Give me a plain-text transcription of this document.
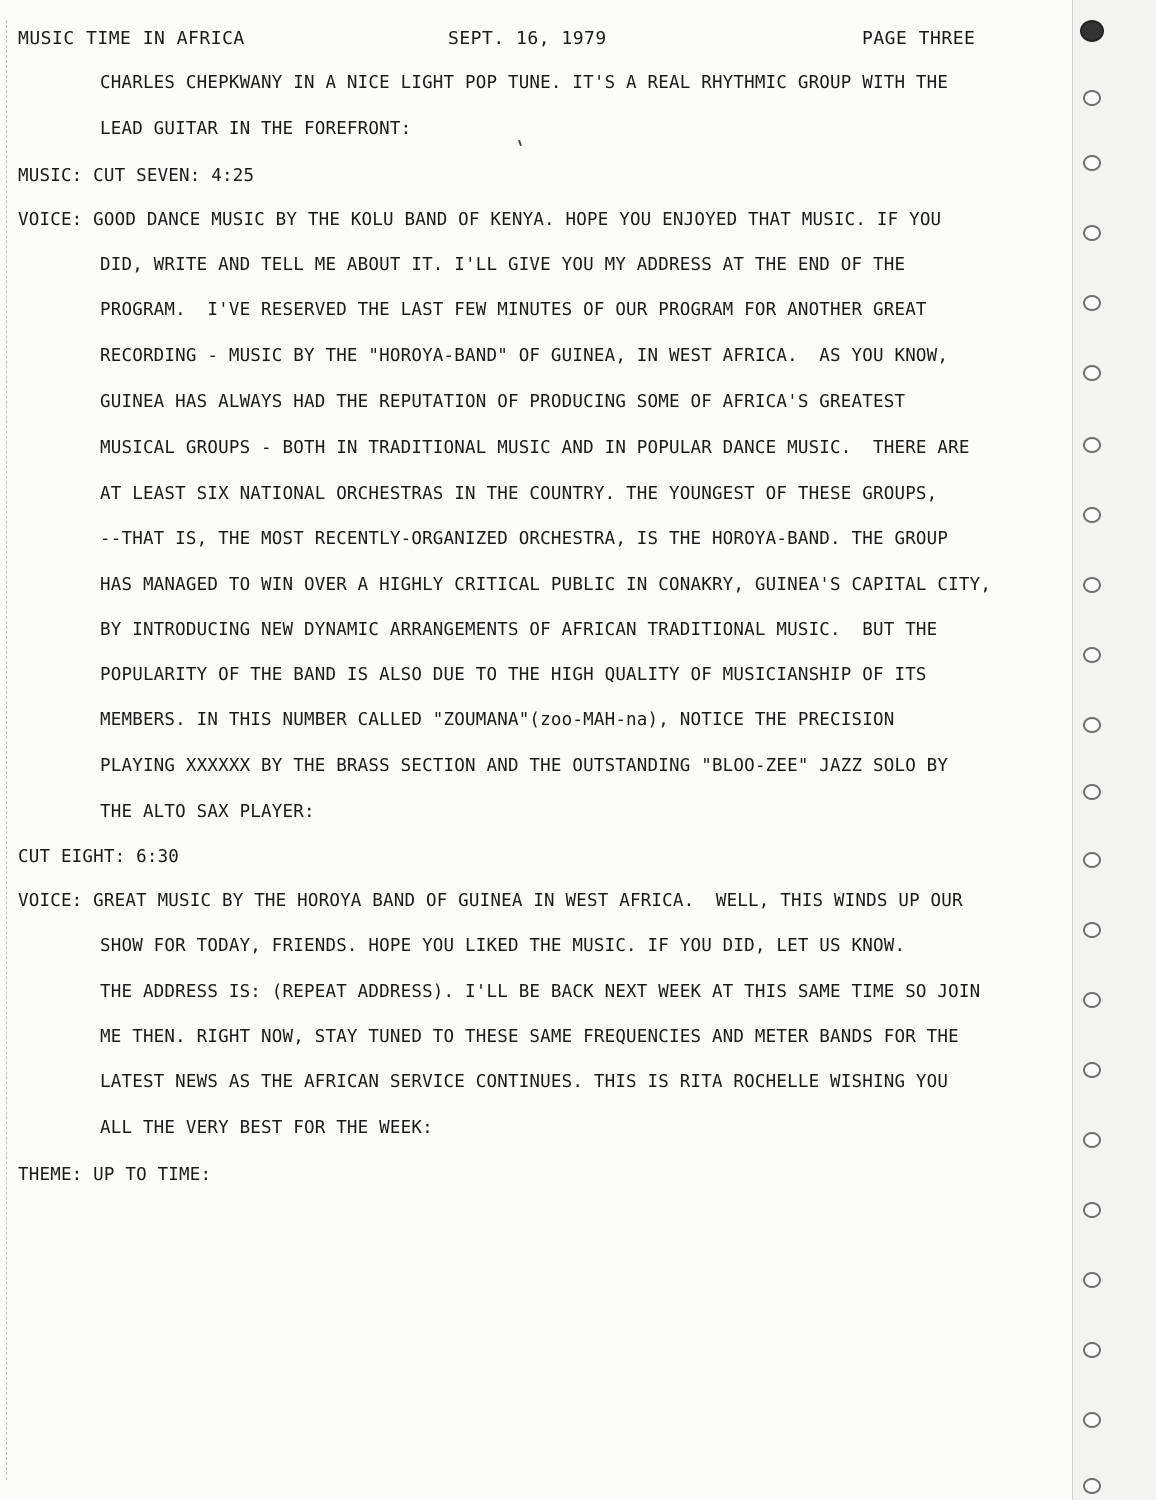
MUSIC TIME IN AFRICA	SEPT. 16, 1979	PAGE THREE
CHARLES CHEPKWANY IN A NICE LIGHT POP TUNE. IT'S A REAL RHYTHMIC GROUP WITH THE
LEAD GUITAR IN THE FOREFRONT:
MUSIC: CUT SEVEN: 4:25
VOICE: GOOD DANCE MUSIC BY THE KOLU BAND OF KENYA. HOPE YOU ENJOYED THAT MUSIC. IF YOU
DID, WRITE AND TELL ME ABOUT IT. I'LL GIVE YOU MY ADDRESS AT THE END OF THE
PROGRAM.  I'VE RESERVED THE LAST FEW MINUTES OF OUR PROGRAM FOR ANOTHER GREAT
RECORDING - MUSIC BY THE "HOROYA-BAND" OF GUINEA, IN WEST AFRICA.  AS YOU KNOW,
GUINEA HAS ALWAYS HAD THE REPUTATION OF PRODUCING SOME OF AFRICA'S GREATEST
MUSICAL GROUPS - BOTH IN TRADITIONAL MUSIC AND IN POPULAR DANCE MUSIC.  THERE ARE
AT LEAST SIX NATIONAL ORCHESTRAS IN THE COUNTRY. THE YOUNGEST OF THESE GROUPS,
--THAT IS, THE MOST RECENTLY-ORGANIZED ORCHESTRA, IS THE HOROYA-BAND. THE GROUP
HAS MANAGED TO WIN OVER A HIGHLY CRITICAL PUBLIC IN CONAKRY, GUINEA'S CAPITAL CITY,
BY INTRODUCING NEW DYNAMIC ARRANGEMENTS OF AFRICAN TRADITIONAL MUSIC.  BUT THE
POPULARITY OF THE BAND IS ALSO DUE TO THE HIGH QUALITY OF MUSICIANSHIP OF ITS
MEMBERS. IN THIS NUMBER CALLED "ZOUMANA"(zoo-MAH-na), NOTICE THE PRECISION
PLAYING XXXXXX BY THE BRASS SECTION AND THE OUTSTANDING "BLOO-ZEE" JAZZ SOLO BY
THE ALTO SAX PLAYER:
CUT EIGHT: 6:30
VOICE: GREAT MUSIC BY THE HOROYA BAND OF GUINEA IN WEST AFRICA.  WELL, THIS WINDS UP OUR
SHOW FOR TODAY, FRIENDS. HOPE YOU LIKED THE MUSIC. IF YOU DID, LET US KNOW.
THE ADDRESS IS: (REPEAT ADDRESS). I'LL BE BACK NEXT WEEK AT THIS SAME TIME SO JOIN
ME THEN. RIGHT NOW, STAY TUNED TO THESE SAME FREQUENCIES AND METER BANDS FOR THE
LATEST NEWS AS THE AFRICAN SERVICE CONTINUES. THIS IS RITA ROCHELLE WISHING YOU
ALL THE VERY BEST FOR THE WEEK:
THEME: UP TO TIME:
